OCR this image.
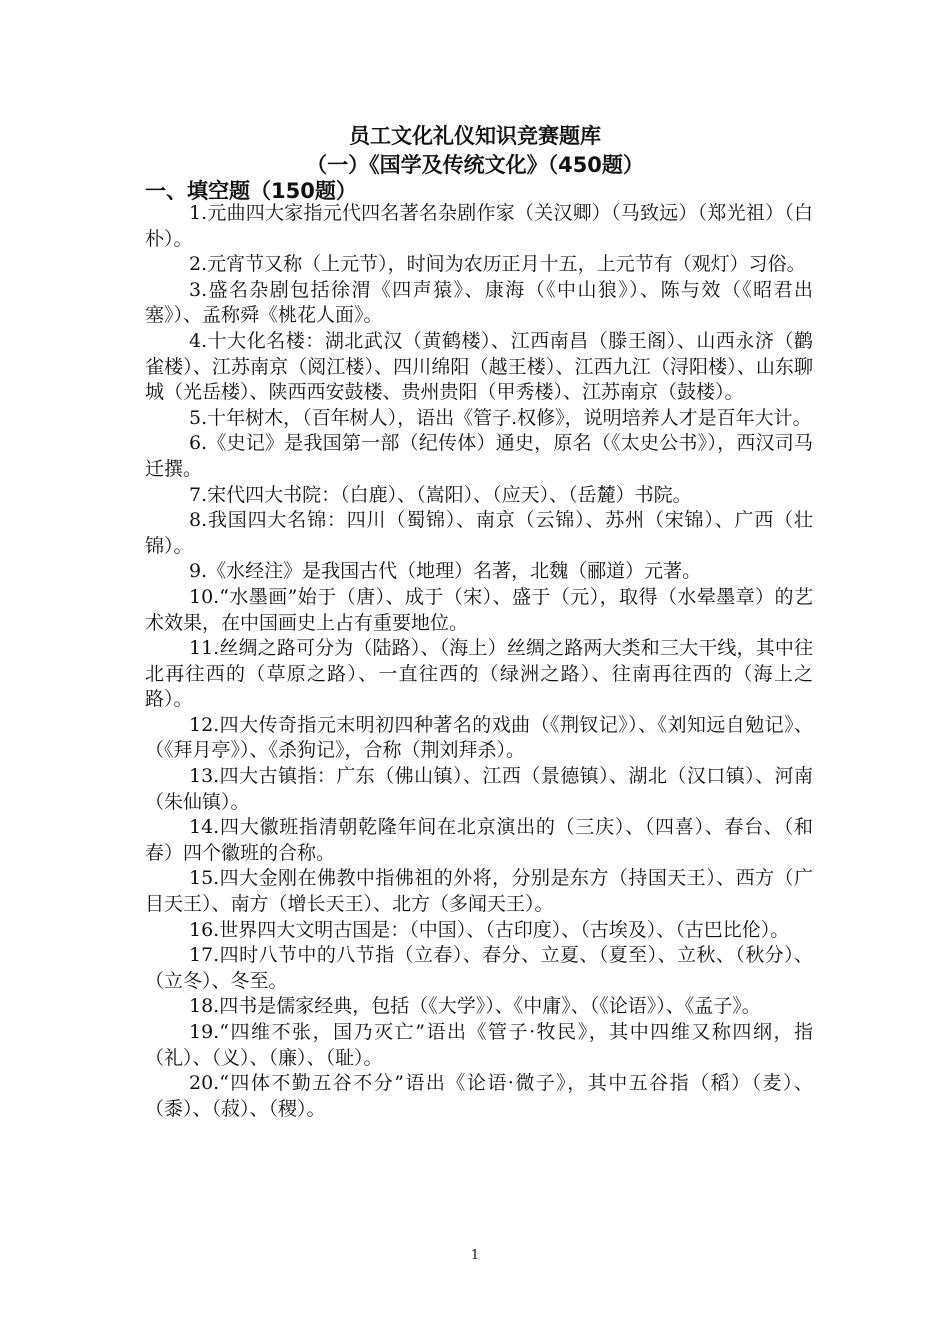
员工文化礼仪知识竞赛题库
（一）《国学及传统文化》（450题）
一、填空题（150题）

1.元曲四大家指元代四名著名杂剧作家（关汉卿）（马致远）（郑光祖）（白朴）。

2.元宵节又称（上元节），时间为农历正月十五，上元节有（观灯）习俗。

3.盛名杂剧包括徐渭《四声猿》、康海（《中山狼》）、陈与效（《昭君出塞》）、孟称舜《桃花人面》。

4.十大化名楼：湖北武汉（黄鹤楼）、江西南昌（滕王阁）、山西永济（鹳雀楼）、江苏南京（阅江楼）、四川绵阳（越王楼）、江西九江（浔阳楼）、山东聊城（光岳楼）、陕西西安鼓楼、贵州贵阳（甲秀楼）、江苏南京（鼓楼）。

5.十年树木，（百年树人），语出《管子.权修》，说明培养人才是百年大计。

6.《史记》是我国第一部（纪传体）通史，原名（《太史公书》），西汉司马迁撰。

7.宋代四大书院：（白鹿）、（嵩阳）、（应天）、（岳麓）书院。

8.我国四大名锦：四川（蜀锦）、南京（云锦）、苏州（宋锦）、广西（壮锦）。

9.《水经注》是我国古代（地理）名著，北魏（郦道）元著。

10.“水墨画”始于（唐）、成于（宋）、盛于（元），取得（水晕墨章）的艺术效果，在中国画史上占有重要地位。

11.丝绸之路可分为（陆路）、（海上）丝绸之路两大类和三大干线，其中往北再往西的（草原之路）、一直往西的（绿洲之路）、往南再往西的（海上之路）。

12.四大传奇指元末明初四种著名的戏曲（《荆钗记》）、《刘知远自勉记》、（《拜月亭》）、《杀狗记》，合称（荆刘拜杀）。

13.四大古镇指：广东（佛山镇）、江西（景德镇）、湖北（汉口镇）、河南（朱仙镇）。

14.四大徽班指清朝乾隆年间在北京演出的（三庆）、（四喜）、春台、（和春）四个徽班的合称。

15.四大金刚在佛教中指佛祖的外将，分别是东方（持国天王）、西方（广目天王）、南方（增长天王）、北方（多闻天王）。

16.世界四大文明古国是：（中国）、（古印度）、（古埃及）、（古巴比伦）。

17.四时八节中的八节指（立春）、春分、立夏、（夏至）、立秋、（秋分）、（立冬）、冬至。

18.四书是儒家经典，包括（《大学》）、《中庸》、（《论语》）、《孟子》。

19.“四维不张，国乃灭亡”语出《管子·牧民》，其中四维又称四纲，指（礼）、（义）、（廉）、（耻）。

20.“四体不勤五谷不分”语出《论语·微子》，其中五谷指（稻）（麦）、（黍）、（菽）、（稷）。

1
